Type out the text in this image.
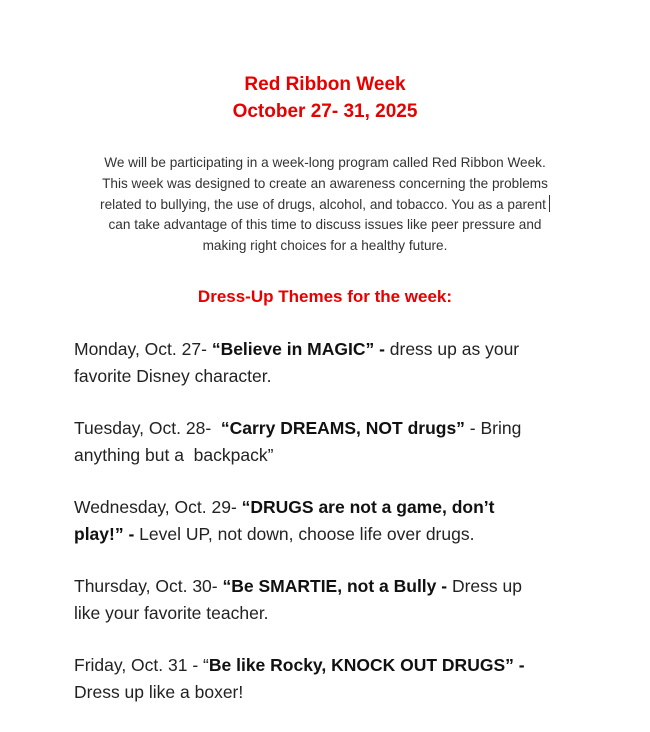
Red Ribbon Week
October 27- 31, 2025
We will be participating in a week-long program called Red Ribbon Week.
This week was designed to create an awareness concerning the problems
related to bullying, the use of drugs, alcohol, and tobacco. You as a parent
can take advantage of this time to discuss issues like peer pressure and
making right choices for a healthy future.
Dress-Up Themes for the week:
Monday, Oct. 27- “Believe in MAGIC” - dress up as your
favorite Disney character.
Tuesday, Oct. 28-  “Carry DREAMS, NOT drugs” - Bring
anything but a  backpack”
Wednesday, Oct. 29- “DRUGS are not a game, don’t
play!” - Level UP, not down, choose life over drugs.
Thursday, Oct. 30- “Be SMARTIE, not a Bully - Dress up
like your favorite teacher.
Friday, Oct. 31 - “Be like Rocky, KNOCK OUT DRUGS” -
Dress up like a boxer!
